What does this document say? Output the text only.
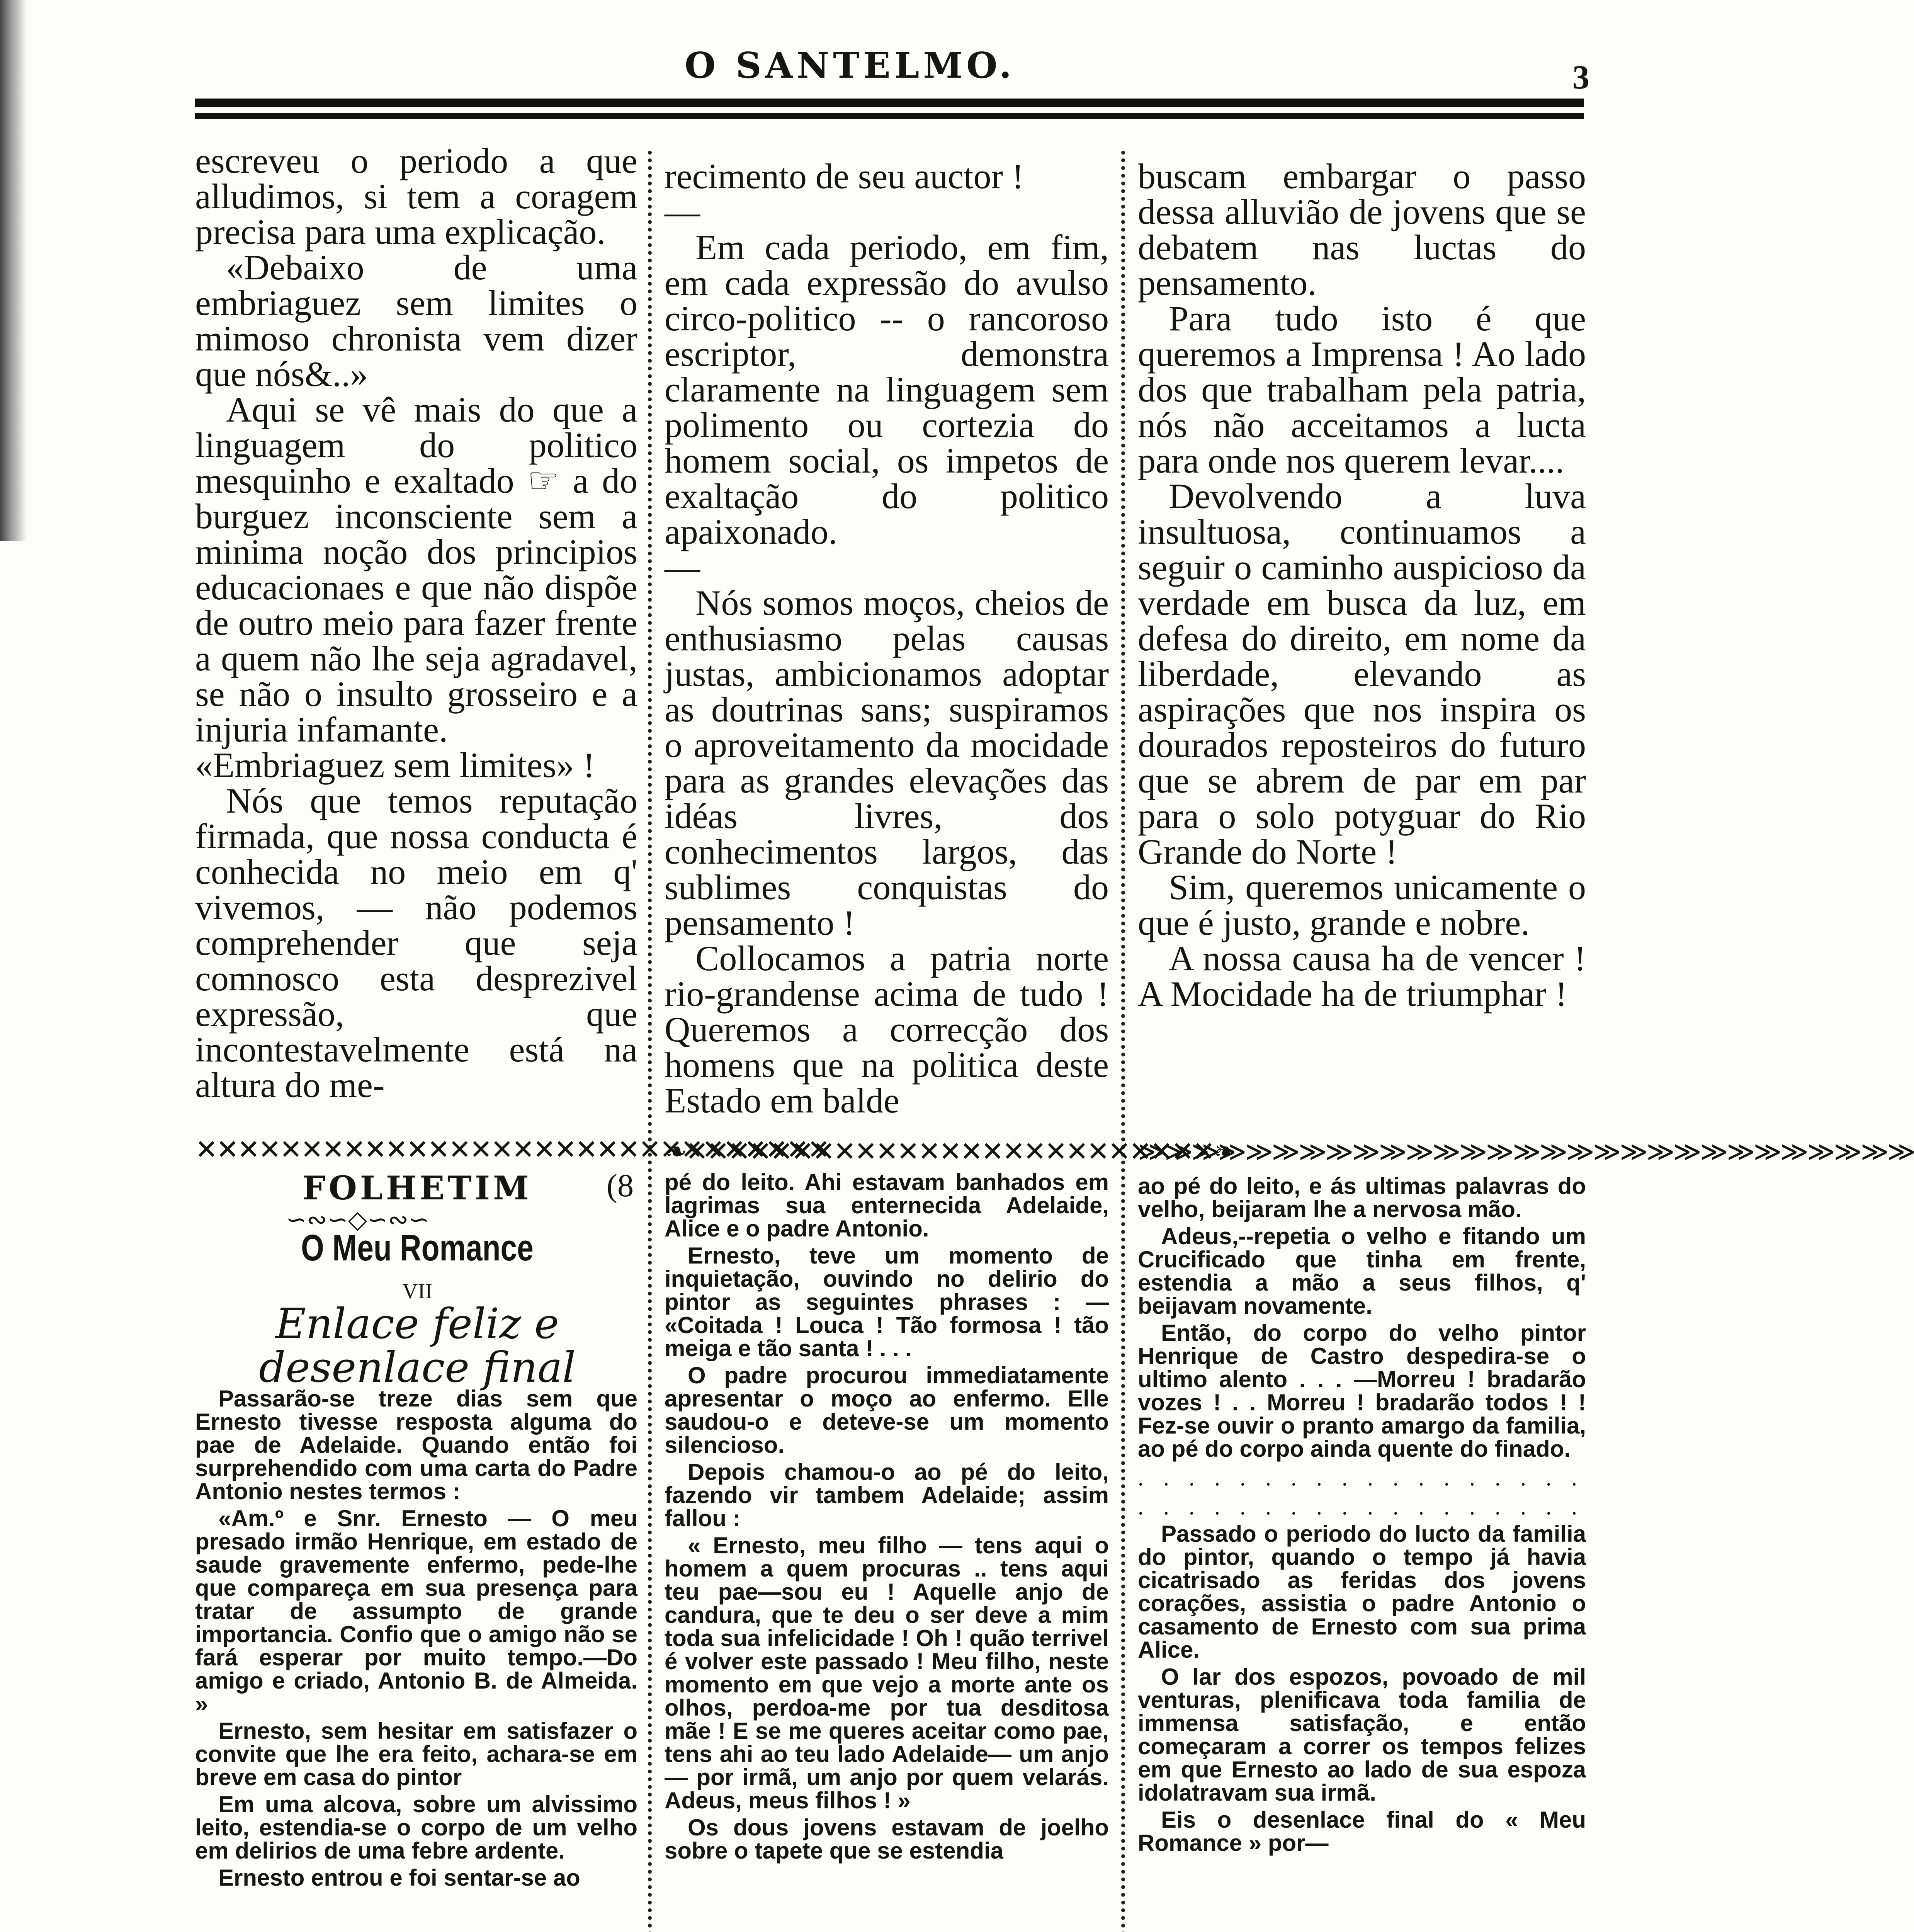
O SANTELMO.	3

escreveu o periodo a que alludimos, si tem a coragem precisa para uma explicação.

«Debaixo de uma embriaguez sem limites o mimoso chronista vem dizer que nós&..»

Aqui se vê mais do que a linguagem do politico mesquinho e exaltado ☞ a do burguez inconsciente sem a minima noção dos principios educacionaes e que não dispõe de outro meio para fazer frente a quem não lhe seja agradavel, se não o insulto grosseiro e a injuria infamante.

«Embriaguez sem limites» !

Nós que temos reputação firmada, que nossa conducta é conhecida no meio em q' vivemos, — não podemos comprehender que seja comnosco esta desprezivel expressão, que incontestavelmente está na altura do me-

recimento de seu auctor !

—

Em cada periodo, em fim, em cada expressão do avulso circo-politico -- o rancoroso escriptor, demonstra claramente na linguagem sem polimento ou cortezia do homem social, os impetos de exaltação do politico apaixonado.

—

Nós somos moços, cheios de enthusiasmo pelas causas justas, ambicionamos adoptar as doutrinas sans; suspiramos o aproveitamento da mocidade para as grandes elevações das idéas livres, dos conhecimentos largos, das sublimes conquistas do pensamento !

Collocamos a patria norte rio-grandense acima de tudo ! Queremos a correcção dos homens que na politica deste Estado em balde

buscam embargar o passo dessa alluvião de jovens que se debatem nas luctas do pensamento.

Para tudo isto é que queremos a Imprensa ! Ao lado dos que trabalham pela patria, nós não acceitamos a lucta para onde nos querem levar....

Devolvendo a luva insultuosa, continuamos a seguir o caminho auspicioso da verdade em busca da luz, em defesa do direito, em nome da liberdade, elevando as aspirações que nos inspira os dourados reposteiros do futuro que se abrem de par em par para o solo potyguar do Rio Grande do Norte !

Sim, queremos unicamente o que é justo, grande e nobre.

A nossa causa ha de vencer ! A Mocidade ha de triumphar !

✕✕✕✕✕✕✕✕✕✕✕✕✕✕✕✕✕✕✕✕✕✕✕✕✕✕✕✕✕✕
❧✕✕✕✕✕✕✕✕✕✕✕✕✕✕✕✕✕✕✕✕✕✕✕✕✕❧
≫≫≫≫≫≫≫≫≫≫≫≫≫≫≫≫≫≫≫≫≫≫≫≫≫≫≫≫≫
FOLHETIM	(8
∽∾∽◇∽∾∽
O Meu Romance
VII
Enlace feliz e desenlace final

Passarão-se treze dias sem que Ernesto tivesse resposta alguma do pae de Adelaide. Quando então foi surprehendido com uma carta do Padre Antonio nestes termos :

«Am.º e Snr. Ernesto — O meu presado irmão Henrique, em estado de saude gravemente enfermo, pede-lhe que compareça em sua presença para tratar de assumpto de grande importancia. Confio que o amigo não se fará esperar por muito tempo.—Do amigo e criado, Antonio B. de Almeida. »

Ernesto, sem hesitar em satisfazer o convite que lhe era feito, achara-se em breve em casa do pintor

Em uma alcova, sobre um alvissimo leito, estendia-se o corpo de um velho em delirios de uma febre ardente.

Ernesto entrou e foi sentar-se ao

pé do leito. Ahi estavam banhados em lagrimas sua enternecida Adelaide, Alice e o padre Antonio.

Ernesto, teve um momento de inquietação, ouvindo no delirio do pintor as seguintes phrases : — «Coitada ! Louca ! Tão formosa ! tão meiga e tão santa ! . . .

O padre procurou immediatamente apresentar o moço ao enfermo. Elle saudou-o e deteve-se um momento silencioso.

Depois chamou-o ao pé do leito, fazendo vir tambem Adelaide; assim fallou :

« Ernesto, meu filho — tens aqui o homem a quem procuras .. tens aqui teu pae—sou eu ! Aquelle anjo de candura, que te deu o ser deve a mim toda sua infelicidade ! Oh ! quão terrivel é volver este passado ! Meu filho, neste momento em que vejo a morte ante os olhos, perdoa-me por tua desditosa mãe ! E se me queres aceitar como pae, tens ahi ao teu lado Adelaide— um anjo— por irmã, um anjo por quem velarás. Adeus, meus filhos ! »

Os dous jovens estavam de joelho sobre o tapete que se estendia

ao pé do leito, e ás ultimas palavras do velho, beijaram lhe a nervosa mão.

Adeus,--repetia o velho e fitando um Crucificado que tinha em frente, estendia a mão a seus filhos, q' beijavam novamente.

Então, do corpo do velho pintor Henrique de Castro despedira-se o ultimo alento . . . —Morreu ! bradarão vozes ! . . Morreu ! bradarão todos ! ! Fez-se ouvir o pranto amargo da familia, ao pé do corpo ainda quente do finado.

. . . . . . . . . . . . . . . . . .
. . . . . . . . . . . . . . . . . .

Passado o periodo do lucto da familia do pintor, quando o tempo já havia cicatrisado as feridas dos jovens corações, assistia o padre Antonio o casamento de Ernesto com sua prima Alice.

O lar dos espozos, povoado de mil venturas, plenificava toda familia de immensa satisfação, e então começaram a correr os tempos felizes em que Ernesto ao lado de sua espoza idolatravam sua irmã.

Eis o desenlace final do « Meu Romance » por—
